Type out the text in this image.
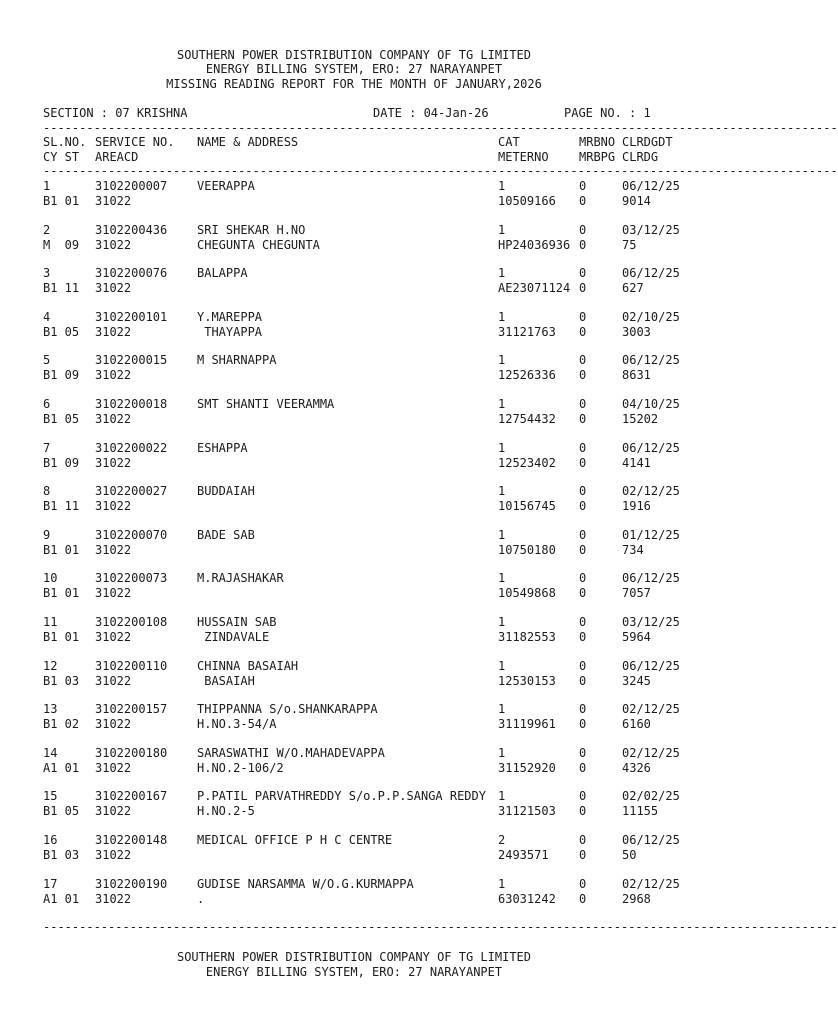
SOUTHERN POWER DISTRIBUTION COMPANY OF TG LIMITED
ENERGY BILLING SYSTEM, ERO: 27 NARAYANPET
MISSING READING REPORT FOR THE MONTH OF JANUARY,2026
SECTION : 07 KRISHNA	DATE : 04-Jan-26	PAGE NO. : 1
--------------------------------------------------------------------------------------------------------------
SL.NO. SERVICE NO. NAME & ADDRESS	CAT	MRBNO CLRDGDT
CY ST AREACD	METERNO	MRBPG CLRDG
--------------------------------------------------------------------------------------------------------------
1	3102200007 VEERAPPA	1	0	06/12/25
B1 01 31022	10509166 0	9014
2	3102200436 SRI SHEKAR H.NO	1	0	03/12/25
M  09 31022	CHEGUNTA CHEGUNTA	HP24036936 0	75
3	3102200076 BALAPPA	1	0	06/12/25
B1 11 31022	AE23071124 0	627
4	3102200101 Y.MAREPPA	1	0	02/10/25
B1 05 31022	THAYAPPA	31121763 0	3003
5	3102200015 M SHARNAPPA	1	0	06/12/25
B1 09 31022	12526336 0	8631
6	3102200018 SMT SHANTI VEERAMMA	1	0	04/10/25
B1 05 31022	12754432 0	15202
7	3102200022 ESHAPPA	1	0	06/12/25
B1 09 31022	12523402 0	4141
8	3102200027 BUDDAIAH	1	0	02/12/25
B1 11 31022	10156745 0	1916
9	3102200070 BADE SAB	1	0	01/12/25
B1 01 31022	10750180 0	734
10	3102200073 M.RAJASHAKAR	1	0	06/12/25
B1 01 31022	10549868 0	7057
11	3102200108 HUSSAIN SAB	1	0	03/12/25
B1 01 31022	ZINDAVALE	31182553 0	5964
12	3102200110 CHINNA BASAIAH	1	0	06/12/25
B1 03 31022	BASAIAH	12530153 0	3245
13	3102200157 THIPPANNA S/o.SHANKARAPPA	1	0	02/12/25
B1 02 31022	H.NO.3-54/A	31119961 0	6160
14	3102200180 SARASWATHI W/O.MAHADEVAPPA	1	0	02/12/25
A1 01 31022	H.NO.2-106/2	31152920 0	4326
15	3102200167 P.PATIL PARVATHREDDY S/o.P.P.SANGA REDDY 1	0	02/02/25
B1 05 31022	H.NO.2-5	31121503 0	11155
16	3102200148 MEDICAL OFFICE P H C CENTRE	2	0	06/12/25
B1 03 31022	2493571	0	50
17	3102200190 GUDISE NARSAMMA W/O.G.KURMAPPA	1	0	02/12/25
A1 01 31022	.	63031242 0	2968
--------------------------------------------------------------------------------------------------------------
SOUTHERN POWER DISTRIBUTION COMPANY OF TG LIMITED
ENERGY BILLING SYSTEM, ERO: 27 NARAYANPET
